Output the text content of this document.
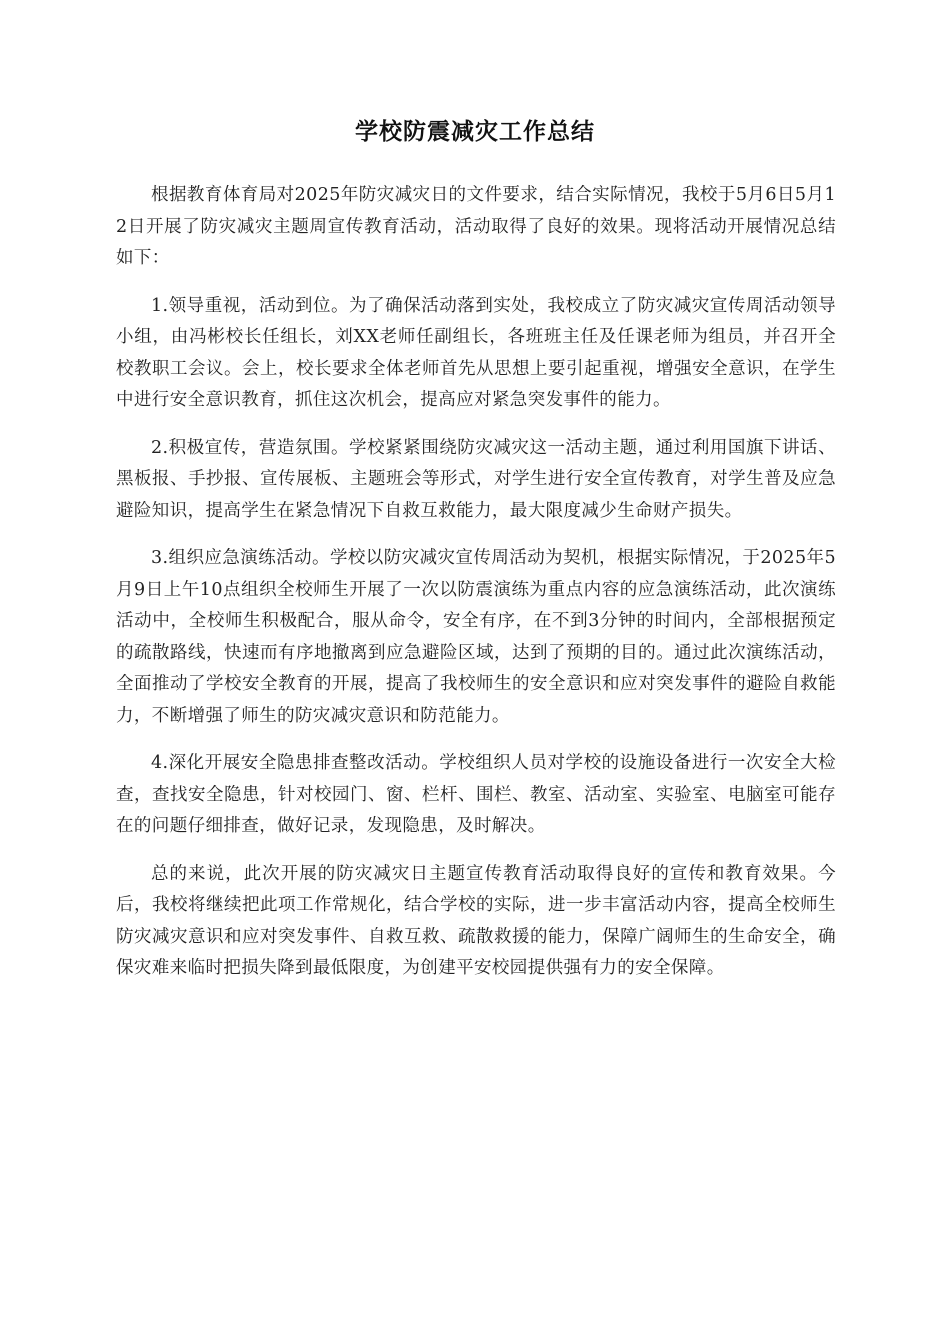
学校防震减灾工作总结

根据教育体育局对2025年防灾减灾日的文件要求，结合实际情况，我校于5月6日5月12日开展了防灾减灾主题周宣传教育活动，活动取得了良好的效果。现将活动开展情况总结如下：

1.领导重视，活动到位。为了确保活动落到实处，我校成立了防灾减灾宣传周活动领导小组，由冯彬校长任组长，刘XX老师任副组长，各班班主任及任课老师为组员，并召开全校教职工会议。会上，校长要求全体老师首先从思想上要引起重视，增强安全意识，在学生中进行安全意识教育，抓住这次机会，提高应对紧急突发事件的能力。

2.积极宣传，营造氛围。学校紧紧围绕防灾减灾这一活动主题，通过利用国旗下讲话、黑板报、手抄报、宣传展板、主题班会等形式，对学生进行安全宣传教育，对学生普及应急避险知识，提高学生在紧急情况下自救互救能力，最大限度减少生命财产损失。

3.组织应急演练活动。学校以防灾减灾宣传周活动为契机，根据实际情况，于2025年5月9日上午10点组织全校师生开展了一次以防震演练为重点内容的应急演练活动，此次演练活动中，全校师生积极配合，服从命令，安全有序，在不到3分钟的时间内，全部根据预定的疏散路线，快速而有序地撤离到应急避险区域，达到了预期的目的。通过此次演练活动，全面推动了学校安全教育的开展，提高了我校师生的安全意识和应对突发事件的避险自救能力，不断增强了师生的防灾减灾意识和防范能力。

4.深化开展安全隐患排查整改活动。学校组织人员对学校的设施设备进行一次安全大检查，查找安全隐患，针对校园门、窗、栏杆、围栏、教室、活动室、实验室、电脑室可能存在的问题仔细排查，做好记录，发现隐患，及时解决。

总的来说，此次开展的防灾减灾日主题宣传教育活动取得良好的宣传和教育效果。今后，我校将继续把此项工作常规化，结合学校的实际，进一步丰富活动内容，提高全校师生防灾减灾意识和应对突发事件、自救互救、疏散救援的能力，保障广阔师生的生命安全，确保灾难来临时把损失降到最低限度，为创建平安校园提供强有力的安全保障。
